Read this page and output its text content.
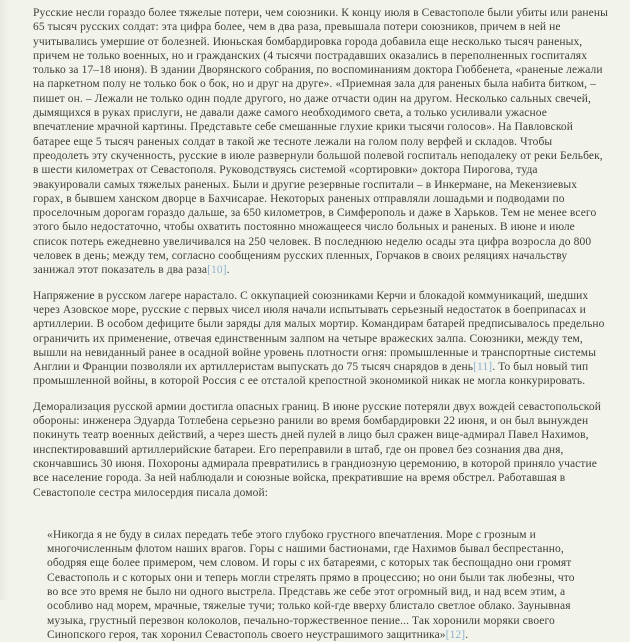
Русские несли гораздо более тяжелые потери, чем союзники. К концу июля в Севастополе были убиты или ранены 65 тысяч русских солдат: эта цифра более, чем в два раза, превышала потери союзников, причем в ней не учитывались умершие от болезней. Июньская бомбардировка города добавила еще несколько тысяч раненых, причем не только военных, но и гражданских (4 тысячи пострадавших оказались в переполненных госпиталях только за 17–18 июня). В здании Дворянского собрания, по воспоминаниям доктора Гюббенета, «раненые лежали на паркетном полу не только бок о бок, но и друг на друге». «Приемная зала для раненых была набита битком, – пишет он. – Лежали не только один подле другого, но даже отчасти один на другом. Несколько сальных свечей, дымящихся в руках прислуги, не давали даже самого необходимого света, а только усиливали ужасное впечатление мрачной картины. Представьте себе смешанные глухие крики тысячи голосов». На Павловской батарее еще 5 тысяч раненых солдат в такой же тесноте лежали на голом полу верфей и складов. Чтобы преодолеть эту скученность, русские в июле развернули большой полевой госпиталь неподалеку от реки Бельбек, в шести километрах от Севастополя. Руководствуясь системой «сортировки» доктора Пирогова, туда эвакуировали самых тяжелых раненых. Были и другие резервные госпитали – в Инкермане, на Мекензиевых горах, в бывшем ханском дворце в Бахчисарае. Некоторых раненых отправляли лошадьми и подводами по проселочным дорогам гораздо дальше, за 650 километров, в Симферополь и даже в Харьков. Тем не менее всего этого было недостаточно, чтобы охватить постоянно множащееся число больных и раненых. В июне и июле список потерь ежедневно увеличивался на 250 человек. В последнюю неделю осады эта цифра возросла до 800 человек в день; между тем, согласно сообщениям русских пленных, Горчаков в своих реляциях начальству занижал этот показатель в два раза[10].

Напряжение в русском лагере нарастало. С оккупацией союзниками Керчи и блокадой коммуникаций, шедших через Азовское море, русские с первых чисел июля начали испытывать серьезный недостаток в боеприпасах и артиллерии. В особом дефиците были заряды для малых мортир. Командирам батарей предписывалось предельно ограничить их применение, отвечая единственным залпом на четыре вражеских залпа. Союзники, между тем, вышли на невиданный ранее в осадной войне уровень плотности огня: промышленные и транспортные системы Англии и Франции позволяли их артиллеристам выпускать до 75 тысяч снарядов в день[11]. То был новый тип промышленной войны, в которой Россия с ее отсталой крепостной экономикой никак не могла конкурировать.

Деморализация русской армии достигла опасных границ. В июне русские потеряли двух вождей севастопольской обороны: инженера Эдуарда Тотлебена серьезно ранили во время бомбардировки 22 июня, и он был вынужден покинуть театр военных действий, а через шесть дней пулей в лицо был сражен вице-адмирал Павел Нахимов, инспектировавший артиллерийские батареи. Его переправили в штаб, где он провел без сознания два дня, скончавшись 30 июня. Похороны адмирала превратились в грандиозную церемонию, в которой приняло участие все население города. За ней наблюдали и союзные войска, прекратившие на время обстрел. Работавшая в Севастополе сестра милосердия писала домой:

«Никогда я не буду в силах передать тебе этого глубоко грустного впечатления. Море с грозным и многочисленным флотом наших врагов. Горы с нашими бастионами, где Нахимов бывал беспрестанно, ободряя еще более примером, чем словом. И горы с их батареями, с которых так беспощадно они громят Севастополь и с которых они и теперь могли стрелять прямо в процессию; но они были так любезны, что во все это время не было ни одного выстрела. Представь же себе этот огромный вид, и над всем этим, а особливо над морем, мрачные, тяжелые тучи; только кой-где вверху блистало светлое облако. Заунывная музыка, грустный перезвон колоколов, печально-торжественное пение... Так хоронили моряки своего Синопского героя, так хоронил Севастополь своего неустрашимого защитника»[12].
